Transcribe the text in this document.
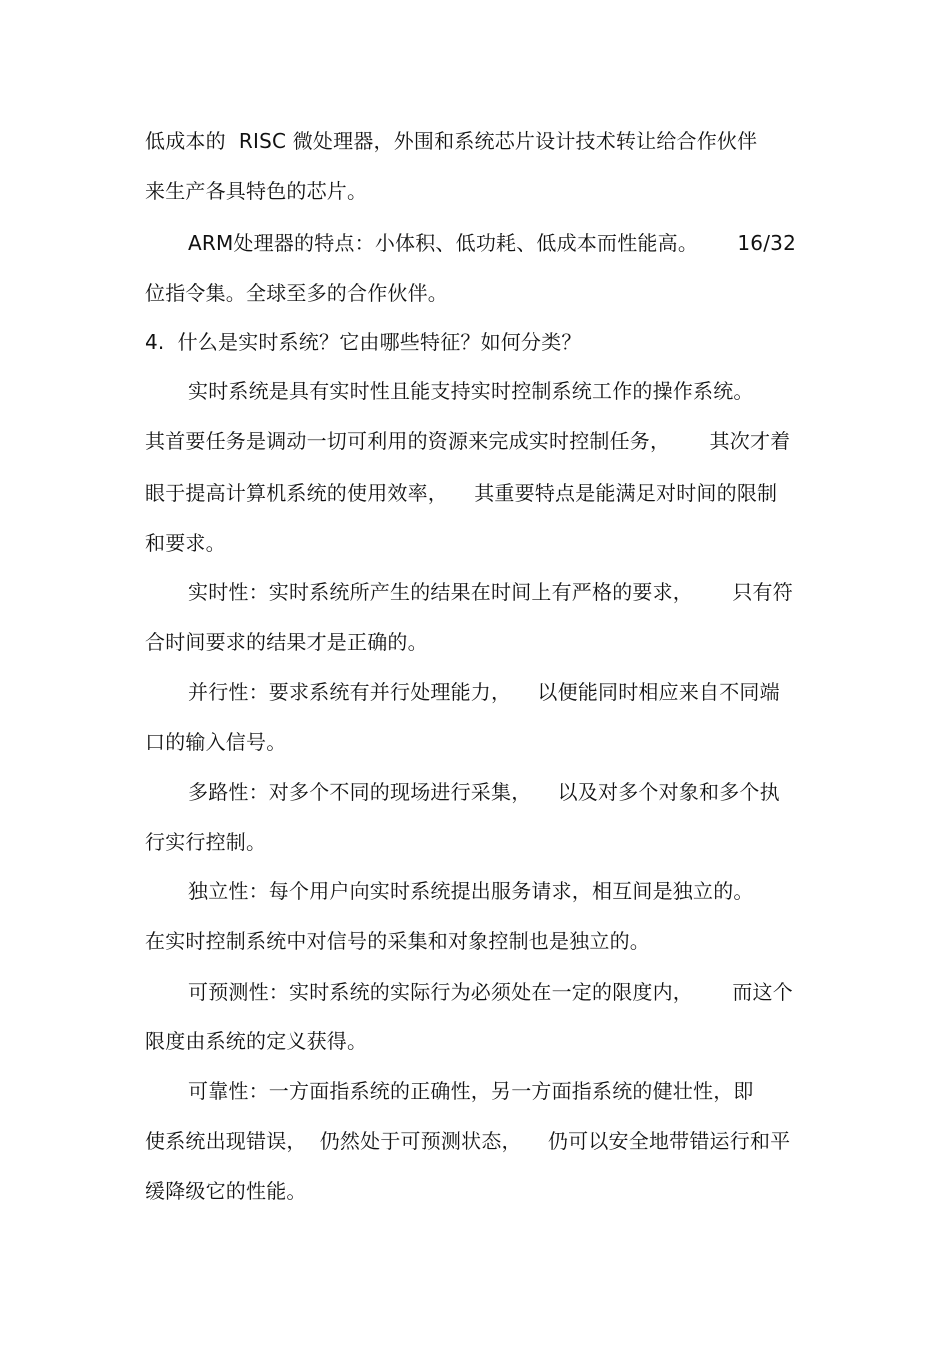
低成本的  RISC 微处理器，外围和系统芯片设计技术转让给合作伙伴
来生产各具特色的芯片。
ARM处理器的特点：小体积、低功耗、低成本而性能高。      16/32
位指令集。全球至多的合作伙伴。
4.  什么是实时系统？它由哪些特征？如何分类？
实时系统是具有实时性且能支持实时控制系统工作的操作系统。
其首要任务是调动一切可利用的资源来完成实时控制任务，      其次才着
眼于提高计算机系统的使用效率，    其重要特点是能满足对时间的限制
和要求。
实时性：实时系统所产生的结果在时间上有严格的要求，      只有符
合时间要求的结果才是正确的。
并行性：要求系统有并行处理能力，    以便能同时相应来自不同端
口的输入信号。
多路性：对多个不同的现场进行采集，    以及对多个对象和多个执
行实行控制。
独立性：每个用户向实时系统提出服务请求，相互间是独立的。
在实时控制系统中对信号的采集和对象控制也是独立的。
可预测性：实时系统的实际行为必须处在一定的限度内，      而这个
限度由系统的定义获得。
可靠性：一方面指系统的正确性，另一方面指系统的健壮性，即
使系统出现错误，  仍然处于可预测状态，    仍可以安全地带错运行和平
缓降级它的性能。
